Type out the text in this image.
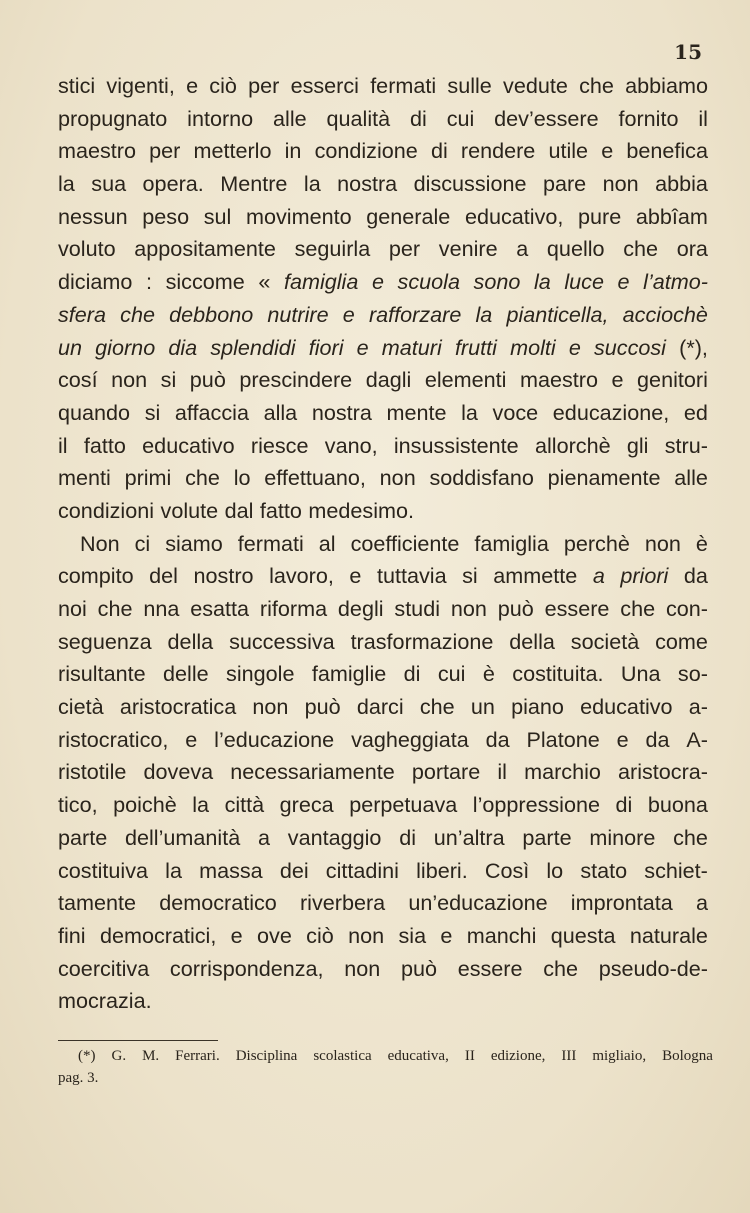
15
stici vigenti, e ciò per esserci fermati sulle vedute che abbiamo
propugnato intorno alle qualità di cui dev’essere fornito il
maestro per metterlo in condizione di rendere utile e benefica
la sua opera. Mentre la nostra discussione pare non abbia
nessun peso sul movimento generale educativo, pure abbîam
voluto appositamente seguirla per venire a quello che ora
diciamo : siccome « famiglia e scuola sono la luce e l’atmo-
sfera che debbono nutrire e rafforzare la pianticella, acciochè
un giorno dia splendidi fiori e maturi frutti molti e succosi (*),
cosí non si può prescindere dagli elementi maestro e genitori
quando si affaccia alla nostra mente la voce educazione, ed
il fatto educativo riesce vano, insussistente allorchè gli stru-
menti primi che lo effettuano, non soddisfano pienamente alle
condizioni volute dal fatto medesimo.
Non ci siamo fermati al coefficiente famiglia perchè non è
compito del nostro lavoro, e tuttavia si ammette a priori da
noi che nna esatta riforma degli studi non può essere che con-
seguenza della successiva trasformazione della società come
risultante delle singole famiglie di cui è costituita. Una so-
cietà aristocratica non può darci che un piano educativo a-
ristocratico, e l’educazione vagheggiata da Platone e da A-
ristotile doveva necessariamente portare il marchio aristocra-
tico, poichè la città greca perpetuava l’oppressione di buona
parte dell’umanità a vantaggio di un’altra parte minore che
costituiva la massa dei cittadini liberi. Così lo stato schiet-
tamente democratico riverbera un’educazione improntata a
fini democratici, e ove ciò non sia e manchi questa naturale
coercitiva corrispondenza, non può essere che pseudo-de-
mocrazia.
(*) G. M. Ferrari. Disciplina scolastica educativa, II edizione, III migliaio, Bologna
pag. 3.
